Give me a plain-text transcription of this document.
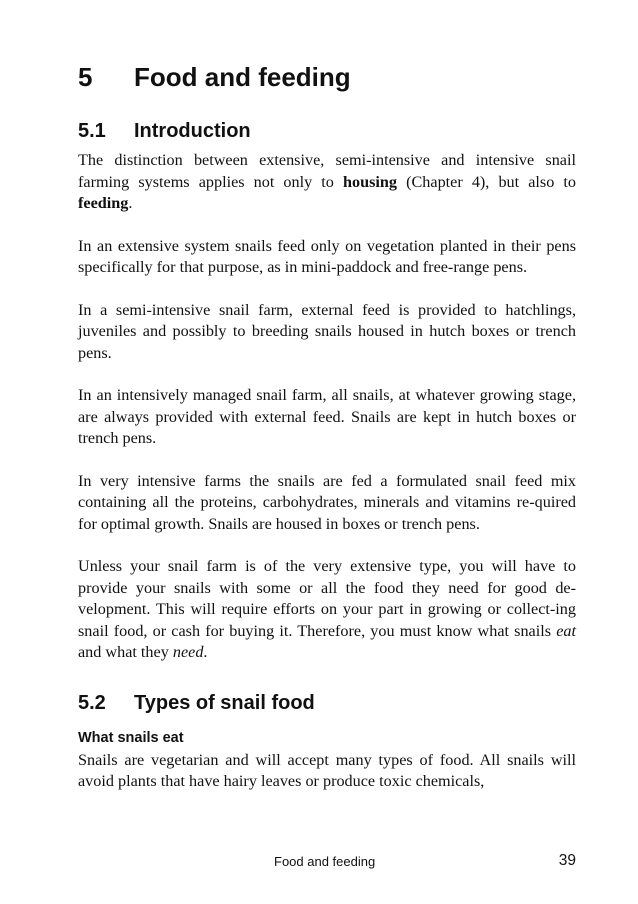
5	Food and feeding
5.1	Introduction

The distinction between extensive, semi-intensive and intensive snail farming systems applies not only to housing (Chapter 4), but also to feeding.

In an extensive system snails feed only on vegetation planted in their pens specifically for that purpose, as in mini-paddock and free-range pens.

In a semi-intensive snail farm, external feed is provided to hatchlings, juveniles and possibly to breeding snails housed in hutch boxes or trench pens.

In an intensively managed snail farm, all snails, at whatever growing stage, are always provided with external feed. Snails are kept in hutch boxes or trench pens.

In very intensive farms the snails are fed a formulated snail feed mix containing all the proteins, carbohydrates, minerals and vitamins re-quired for optimal growth. Snails are housed in boxes or trench pens.

Unless your snail farm is of the very extensive type, you will have to provide your snails with some or all the food they need for good de-velopment. This will require efforts on your part in growing or collect-ing snail food, or cash for buying it. Therefore, you must know what snails eat and what they need.

5.2	Types of snail food
What snails eat

Snails are vegetarian and will accept many types of food. All snails will avoid plants that have hairy leaves or produce toxic chemicals,

Food and feeding	39
